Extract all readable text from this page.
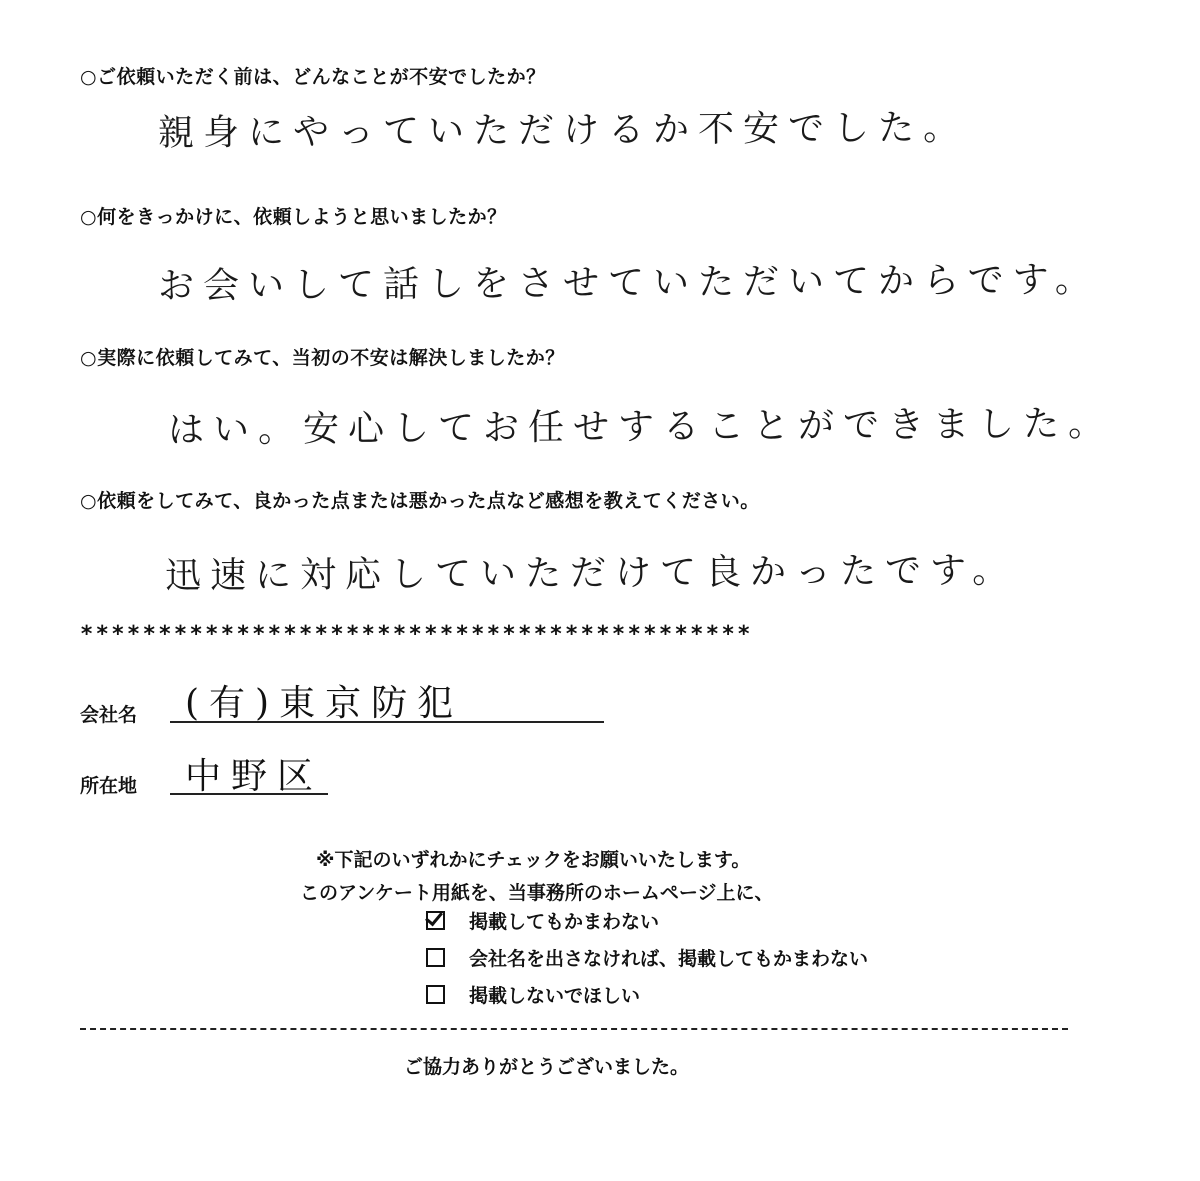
○ご依頼いただく前は、どんなことが不安でしたか？
親身にやっていただけるか不安でした。
○何をきっかけに、依頼しようと思いましたか？
お会いして話しをさせていただいてからです。
○実際に依頼してみて、当初の不安は解決しましたか？
はい。安心してお任せすることができました。
○依頼をしてみて、良かった点または悪かった点など感想を教えてください。
迅速に対応していただけて良かったです。
*******************************************
会社名 (有)東京防犯
所在地 中野区
※下記のいずれかにチェックをお願いいたします。
このアンケート用紙を、当事務所のホームページ上に、
掲載してもかまわない
会社名を出さなければ、掲載してもかまわない
掲載しないでほしい
ご協力ありがとうございました。
